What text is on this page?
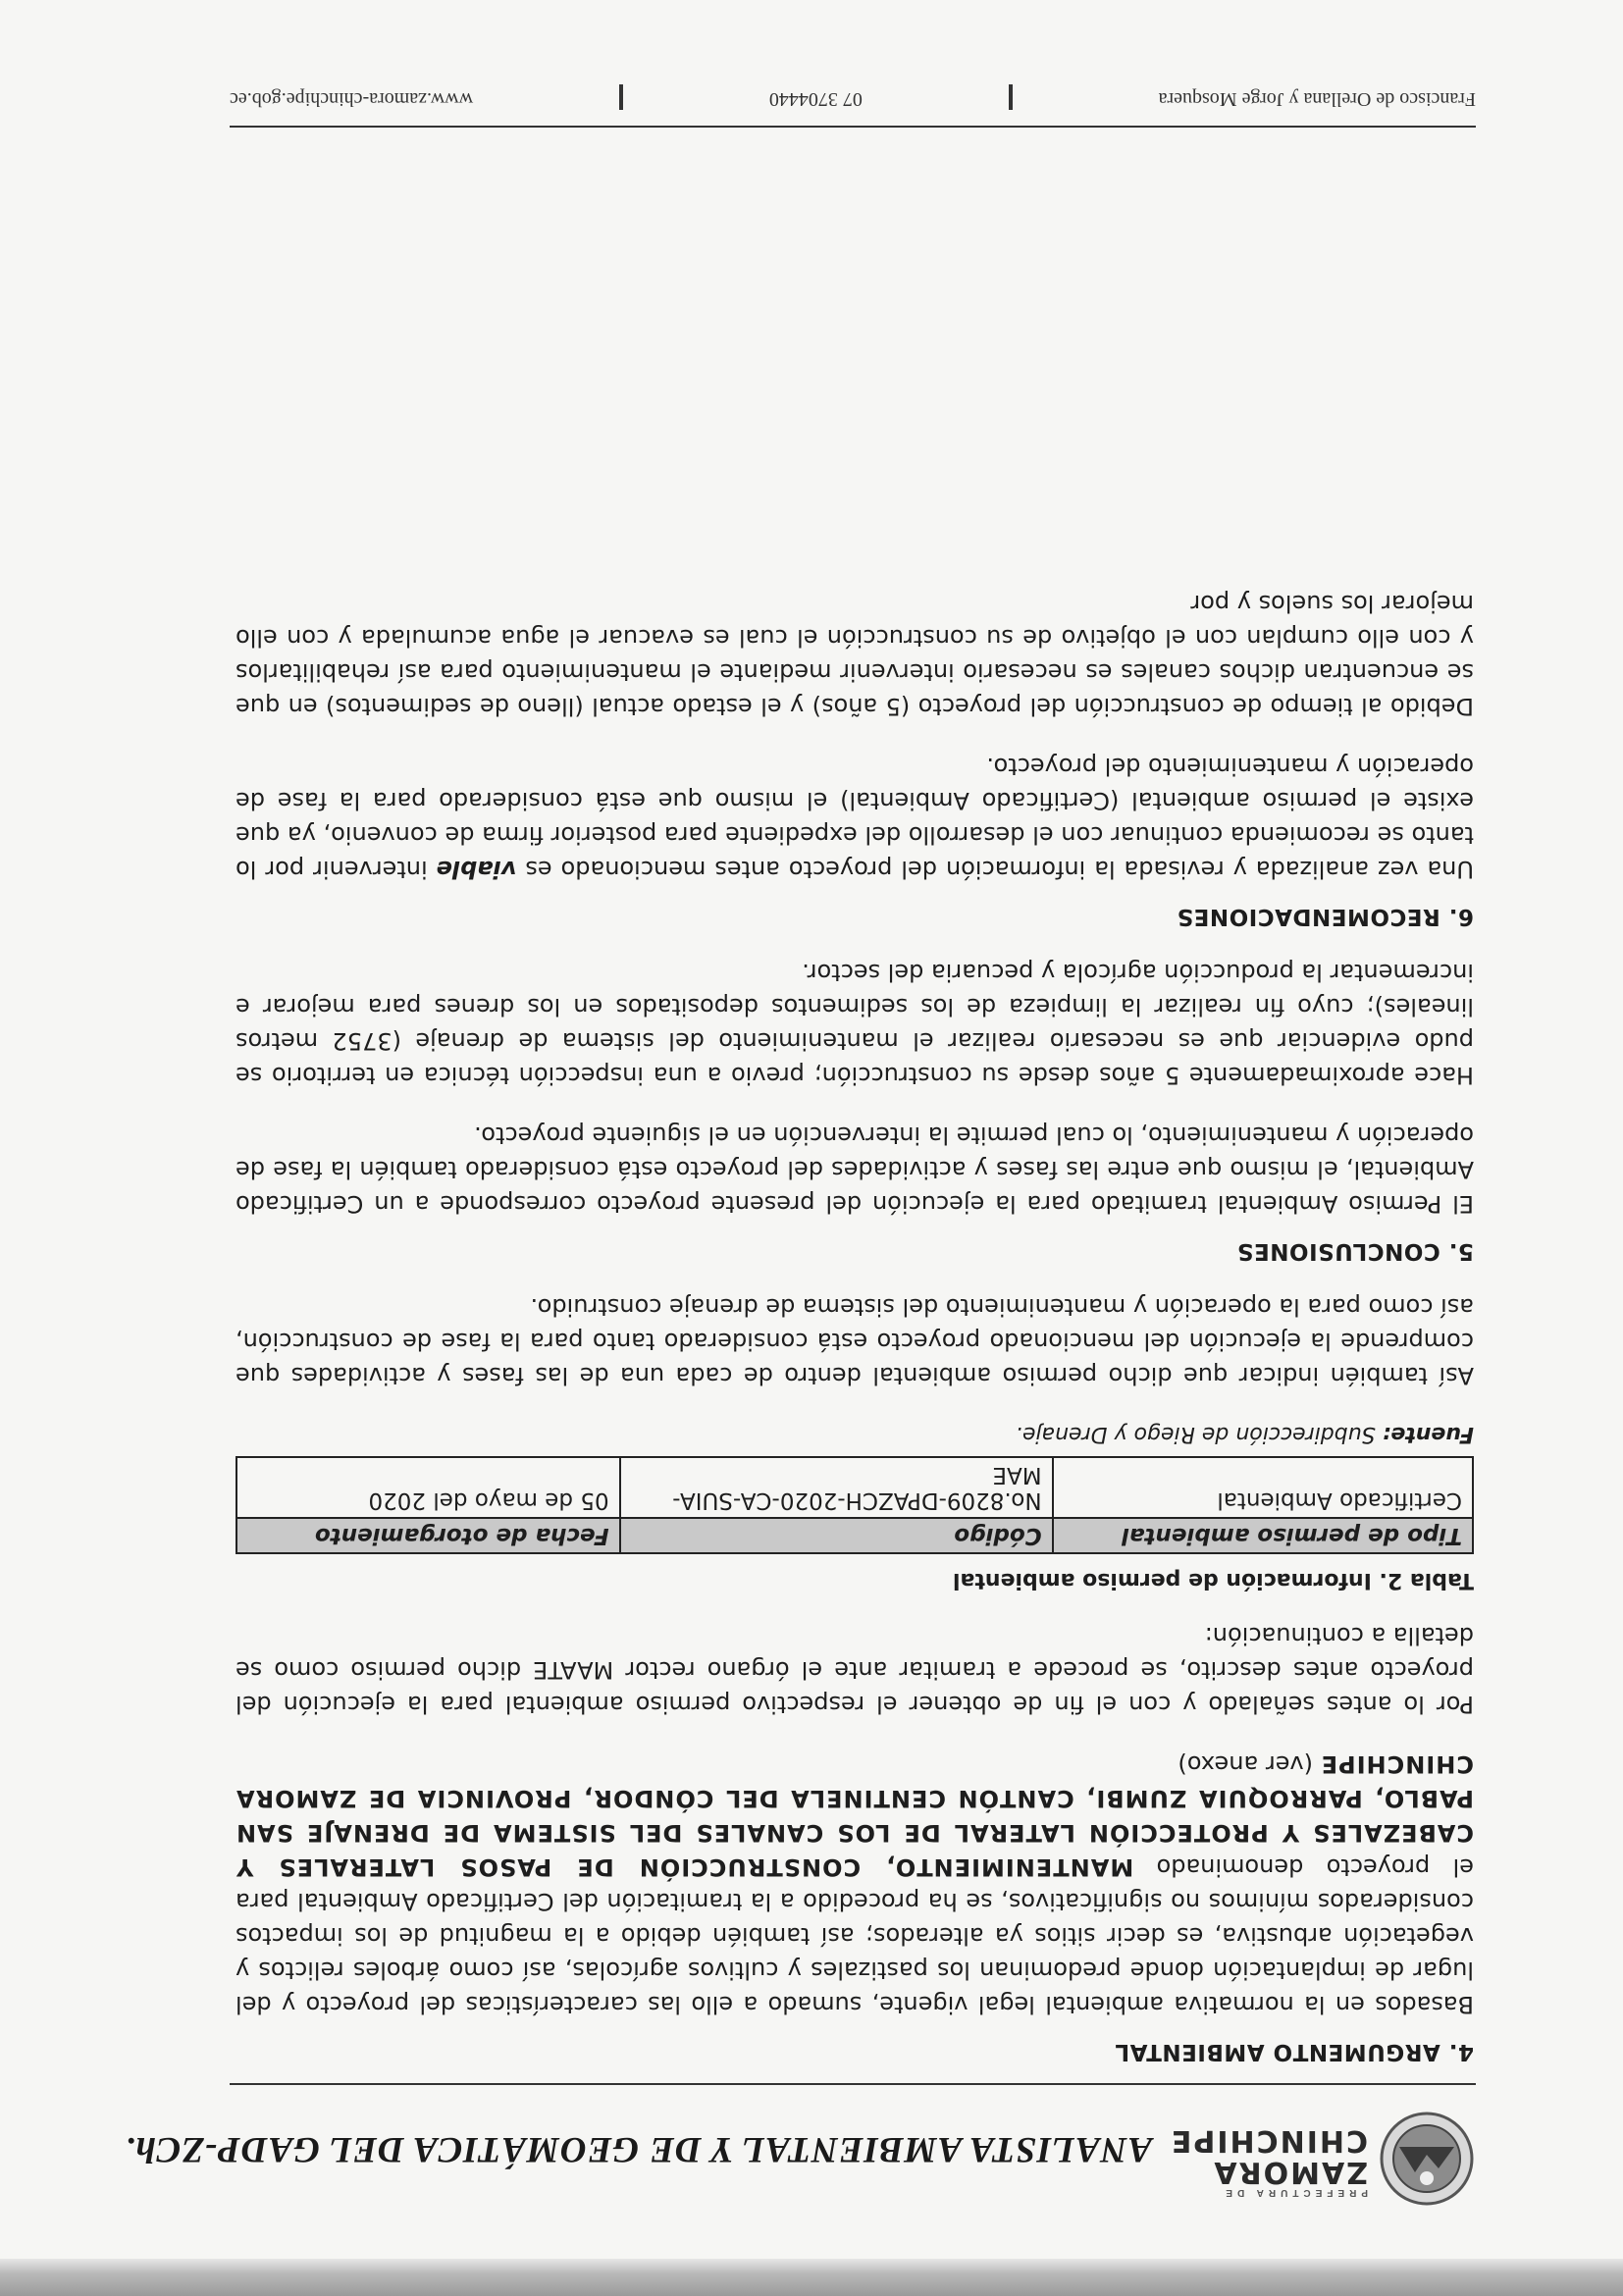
PREFECTURA DE
ZAMORA
CHINCHIPE
ANALISTA AMBIENTAL Y DE GEOMÁTICA DEL GADP-ZCh.
4. ARGUMENTO AMBIENTAL

Basados en la normativa ambiental legal vigente, sumado a ello las características del proyecto y del lugar de implantación donde predominan los pastizales y cultivos agrícolas, así como árboles relictos y vegetación arbustiva, es decir sitios ya alterados; así también debido a la magnitud de los impactos considerados mínimos no significativos, se ha procedido a la tramitación del Certificado Ambiental para el proyecto denominado MANTENIMIENTO, CONSTRUCCIÓN DE PASOS LATERALES Y CABEZALES Y PROTECCIÓN LATERAL DE LOS CANALES DEL SISTEMA DE DRENAJE SAN PABLO, PARROQUIA ZUMBI, CANTÓN CENTINELA DEL CÓNDOR, PROVINCIA DE ZAMORA CHINCHIPE (ver anexo)

Por lo antes señalado y con el fin de obtener el respectivo permiso ambiental para la ejecución del proyecto antes descrito, se procede a tramitar ante el órgano rector MAATE dicho permiso como se detalla a continuación:

Tabla 2. Información de permiso ambiental
Tipo de permiso ambiental	Código	Fecha de otorgamiento
Certificado Ambiental	No.8209-DPAZCH-2020-CA-SUIA-MAE	05 de mayo del 2020
Fuente: Subdirección de Riego y Drenaje.

Así también indicar que dicho permiso ambiental dentro de cada una de las fases y actividades que comprende la ejecución del mencionado proyecto está considerado tanto para la fase de construcción, así como para la operación y mantenimiento del sistema de drenaje construido.

5. CONCLUSIONES

El Permiso Ambiental tramitado para la ejecución del presente proyecto corresponde a un Certificado Ambiental, el mismo que entre las fases y actividades del proyecto está considerado también la fase de operación y mantenimiento, lo cual permite la intervención en el siguiente proyecto.

Hace aproximadamente 5 años desde su construcción; previo a una inspección técnica en territorio se pudo evidenciar que es necesario realizar el mantenimiento del sistema de drenaje (3752 metros lineales); cuyo fin realizar la limpieza de los sedimentos depositados en los drenes para mejorar e incrementar la producción agrícola y pecuaria del sector.

6. RECOMENDACIONES

Una vez analizada y revisada la información del proyecto antes mencionado es viable intervenir por lo tanto se recomienda continuar con el desarrollo del expediente para posterior firma de convenio, ya que existe el permiso ambiental (Certificado Ambiental) el mismo que está considerado para la fase de operación y mantenimiento del proyecto.

Debido al tiempo de construcción del proyecto (5 años) y el estado actual (lleno de sedimentos) en que se encuentran dichos canales es necesario intervenir mediante el mantenimiento para así rehabilitarlos y con ello cumplan con el objetivo de su construcción el cual es evacuar el agua acumulada y con ello mejorar los suelos y por

Francisco de Orellana y Jorge Mosquera
07 3704440
www.zamora-chinchipe.gob.ec
